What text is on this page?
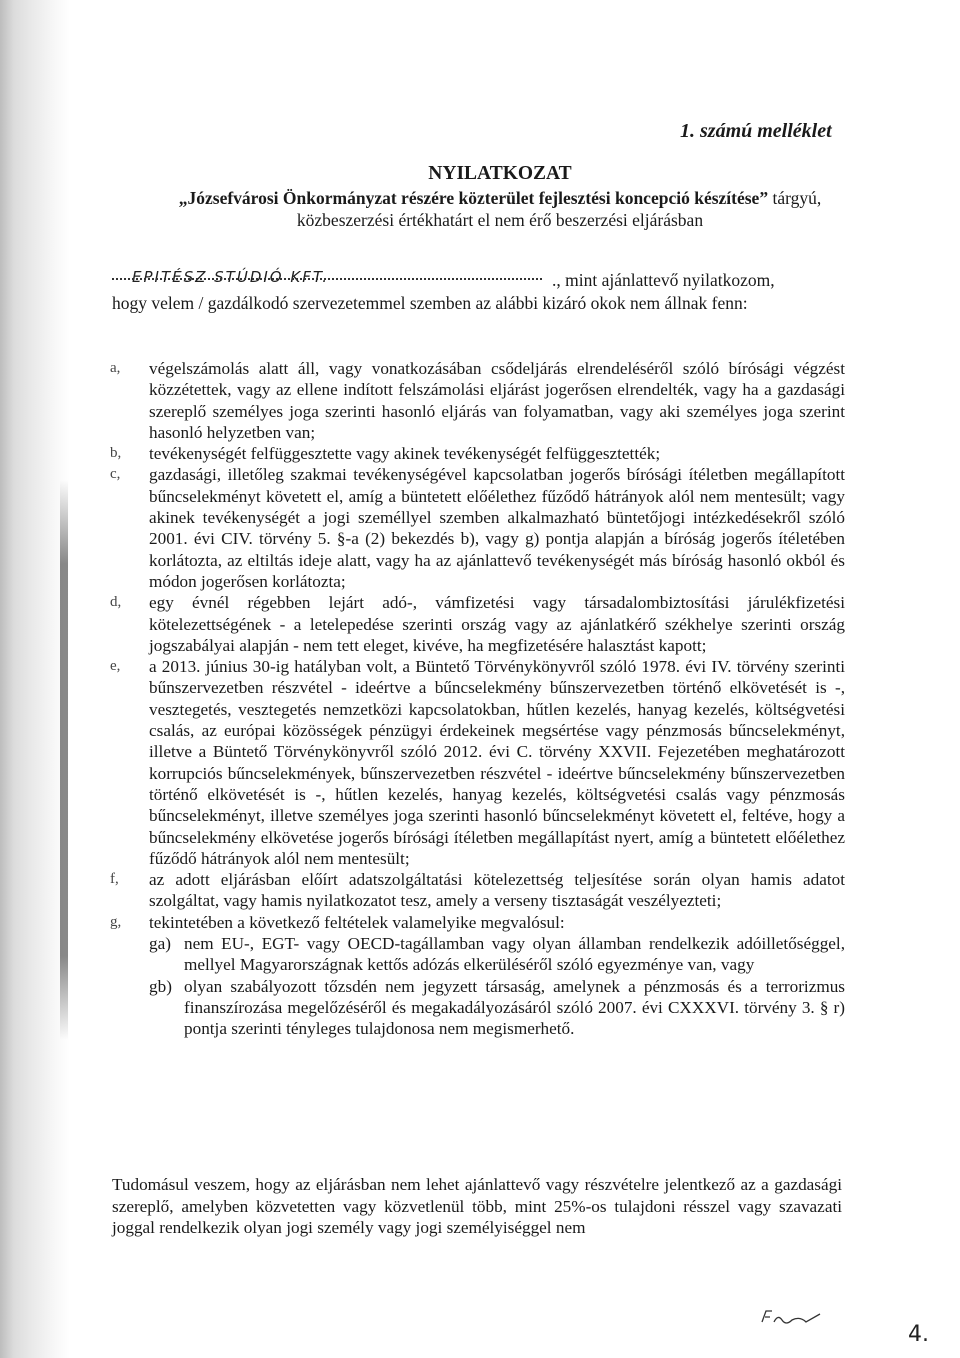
1. számú melléklet
NYILATKOZAT
„Józsefvárosi Önkormányzat részére közterület fejlesztési koncepció készítése” tárgyú,
közbeszerzési értékhatárt el nem érő beszerzési eljárásban
EPITÉSZ STÚDIÓ KFT.	., mint ajánlattevő nyilatkozom,
hogy velem / gazdálkodó szervezetemmel szemben az alábbi kizáró okok nem állnak fenn:
a, végelszámolás alatt áll, vagy vonatkozásában csődeljárás elrendeléséről szóló bírósági végzést közzétettek, vagy az ellene indított felszámolási eljárást jogerősen elrendelték, vagy ha a gazdasági szereplő személyes joga szerinti hasonló eljárás van folyamatban, vagy aki személyes joga szerint hasonló helyzetben van;
b, tevékenységét felfüggesztette vagy akinek tevékenységét felfüggesztették;
c, gazdasági, illetőleg szakmai tevékenységével kapcsolatban jogerős bírósági ítéletben megállapított bűncselekményt követett el, amíg a büntetett előélethez fűződő hátrányok alól nem mentesült; vagy akinek tevékenységét a jogi személlyel szemben alkalmazható büntetőjogi intézkedésekről szóló 2001. évi CIV. törvény 5. §-a (2) bekezdés b), vagy g) pontja alapján a bíróság jogerős ítéletében korlátozta, az eltiltás ideje alatt, vagy ha az ajánlattevő tevékenységét más bíróság hasonló okból és módon jogerősen korlátozta;
d, egy évnél régebben lejárt adó-, vámfizetési vagy társadalombiztosítási járulékfizetési kötelezettségének - a letelepedése szerinti ország vagy az ajánlatkérő székhelye szerinti ország jogszabályai alapján - nem tett eleget, kivéve, ha megfizetésére halasztást kapott;
e, a 2013. június 30-ig hatályban volt, a Büntető Törvénykönyvről szóló 1978. évi IV. törvény szerinti bűnszervezetben részvétel - ideértve a bűncselekmény bűnszervezetben történő elkövetését is -, vesztegetés, vesztegetés nemzetközi kapcsolatokban, hűtlen kezelés, hanyag kezelés, költségvetési csalás, az európai közösségek pénzügyi érdekeinek megsértése vagy pénzmosás bűncselekményt, illetve a Büntető Törvénykönyvről szóló 2012. évi C. törvény XXVII. Fejezetében meghatározott korrupciós bűncselekmények, bűnszervezetben részvétel - ideértve bűncselekmény bűnszervezetben történő elkövetését is -, hűtlen kezelés, hanyag kezelés, költségvetési csalás vagy pénzmosás bűncselekményt, illetve személyes joga szerinti hasonló bűncselekményt követett el, feltéve, hogy a bűncselekmény elkövetése jogerős bírósági ítéletben megállapítást nyert, amíg a büntetett előélethez fűződő hátrányok alól nem mentesült;
f, az adott eljárásban előírt adatszolgáltatási kötelezettség teljesítése során olyan hamis adatot szolgáltat, vagy hamis nyilatkozatot tesz, amely a verseny tisztaságát veszélyezteti;
g, tekintetében a következő feltételek valamelyike megvalósul:
ga) nem EU-, EGT- vagy OECD-tagállamban vagy olyan államban rendelkezik adóilletőséggel, mellyel Magyarországnak kettős adózás elkerüléséről szóló egyezménye van, vagy
gb) olyan szabályozott tőzsdén nem jegyzett társaság, amelynek a pénzmosás és a terrorizmus finanszírozása megelőzéséről és megakadályozásáról szóló 2007. évi CXXXVI. törvény 3. § r) pontja szerinti tényleges tulajdonosa nem megismerhető.
Tudomásul veszem, hogy az eljárásban nem lehet ajánlattevő vagy részvételre jelentkező az a gazdasági szereplő, amelyben közvetetten vagy közvetlenül több, mint 25%-os tulajdoni résszel vagy szavazati joggal rendelkezik olyan jogi személy vagy jogi személyiséggel nem
4.
